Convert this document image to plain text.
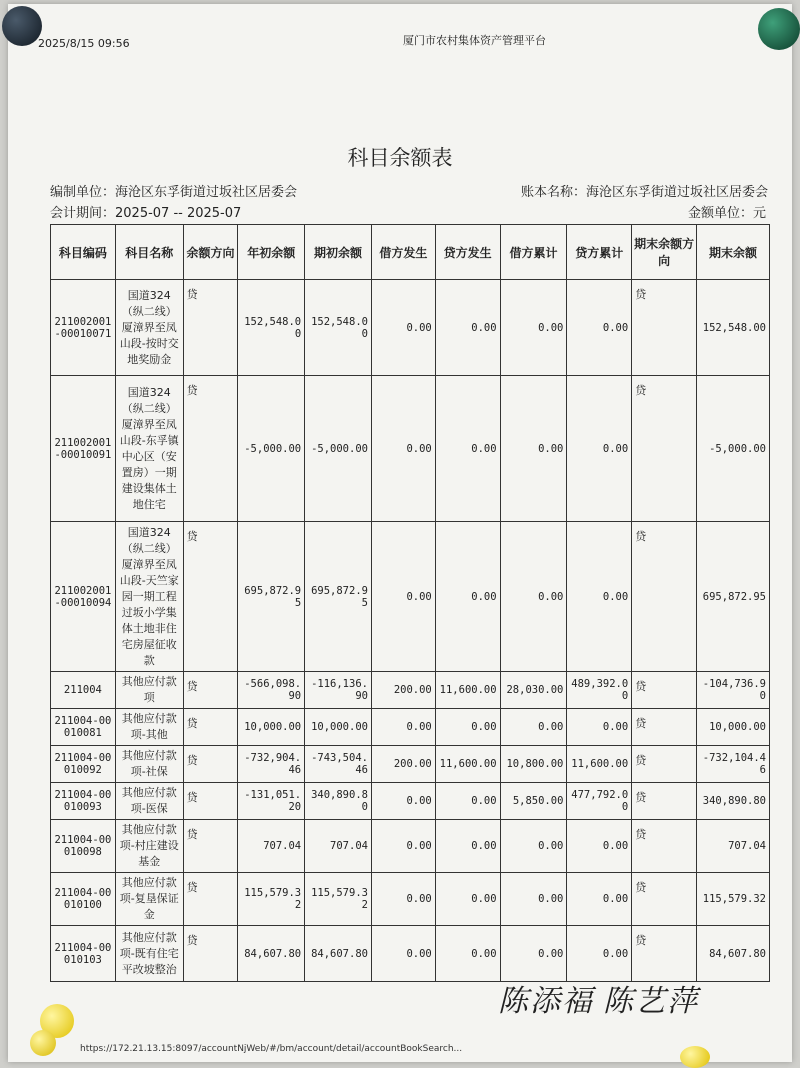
2025/8/15 09:56	厦门市农村集体资产管理平台
科目余额表
编制单位：海沧区东孚街道过坂社区居委会	账本名称：海沧区东孚街道过坂社区居委会
会计期间：2025-07 -- 2025-07	金额单位：元
科目编码	科目名称	余额方向	年初余额	期初余额	借方发生	贷方发生	借方累计	贷方累计	期末余额方向	期末余额
211002001-00010071	国道324（纵二线）厦漳界至凤山段-按时交地奖励金	贷	152,548.00	152,548.00	0.00	0.00	0.00	0.00	贷	152,548.00
211002001-00010091	国道324（纵二线）厦漳界至凤山段-东孚镇中心区（安置房）一期建设集体土地住宅	贷	-5,000.00	-5,000.00	0.00	0.00	0.00	0.00	贷	-5,000.00
211002001-00010094	国道324（纵二线）厦漳界至凤山段-天竺家园一期工程过坂小学集体土地非住宅房屋征收款	贷	695,872.95	695,872.95	0.00	0.00	0.00	0.00	贷	695,872.95
211004	其他应付款项	贷	-566,098.90	-116,136.90	200.00	11,600.00	28,030.00	489,392.00	贷	-104,736.90
211004-00010081	其他应付款项-其他	贷	10,000.00	10,000.00	0.00	0.00	0.00	0.00	贷	10,000.00
211004-00010092	其他应付款项-社保	贷	-732,904.46	-743,504.46	200.00	11,600.00	10,800.00	11,600.00	贷	-732,104.46
211004-00010093	其他应付款项-医保	贷	-131,051.20	340,890.80	0.00	0.00	5,850.00	477,792.00	贷	340,890.80
211004-00010098	其他应付款项-村庄建设基金	贷	707.04	707.04	0.00	0.00	0.00	0.00	贷	707.04
211004-00010100	其他应付款项-复垦保证金	贷	115,579.32	115,579.32	0.00	0.00	0.00	0.00	贷	115,579.32
211004-00010103	其他应付款项-既有住宅平改坡整治	贷	84,607.80	84,607.80	0.00	0.00	0.00	0.00	贷	84,607.80
陈添福 陈艺萍
https://172.21.13.15:8097/accountNjWeb/#/bm/account/detail/accountBookSearch...
